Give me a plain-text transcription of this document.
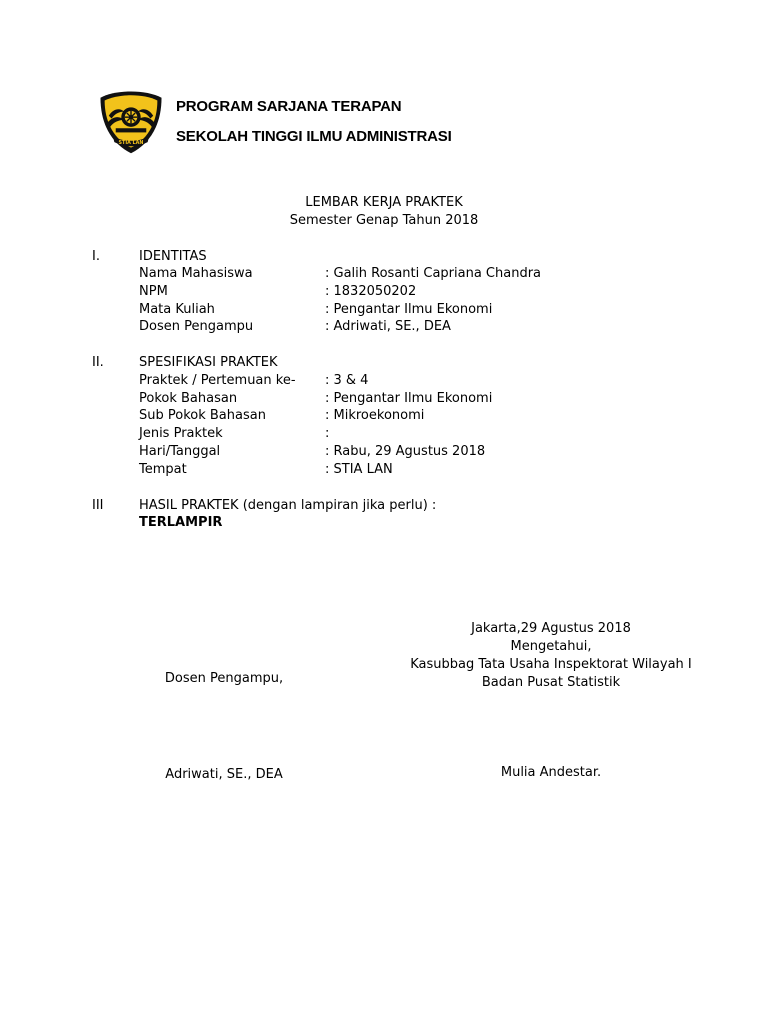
STIA LAN
PROGRAM SARJANA TERAPAN
SEKOLAH TINGGI ILMU ADMINISTRASI
LEMBAR KERJA PRAKTEK
Semester Genap Tahun 2018
I.	IDENTITAS
Nama Mahasiswa	: Galih Rosanti Capriana Chandra
NPM	: 1832050202
Mata Kuliah	: Pengantar Ilmu Ekonomi
Dosen Pengampu	: Adriwati, SE., DEA
II.	SPESIFIKASI PRAKTEK
Praktek / Pertemuan ke- : 3 & 4
Pokok Bahasan	: Pengantar Ilmu Ekonomi
Sub Pokok Bahasan	: Mikroekonomi
Jenis Praktek	:
Hari/Tanggal	: Rabu, 29 Agustus 2018
Tempat	: STIA LAN
III	HASIL PRAKTEK (dengan lampiran jika perlu) :
TERLAMPIR
Jakarta,29 Agustus 2018
Mengetahui,
Kasubbag Tata Usaha Inspektorat Wilayah I
Badan Pusat Statistik
Dosen Pengampu,
Adriwati, SE., DEA	Mulia Andestar.
